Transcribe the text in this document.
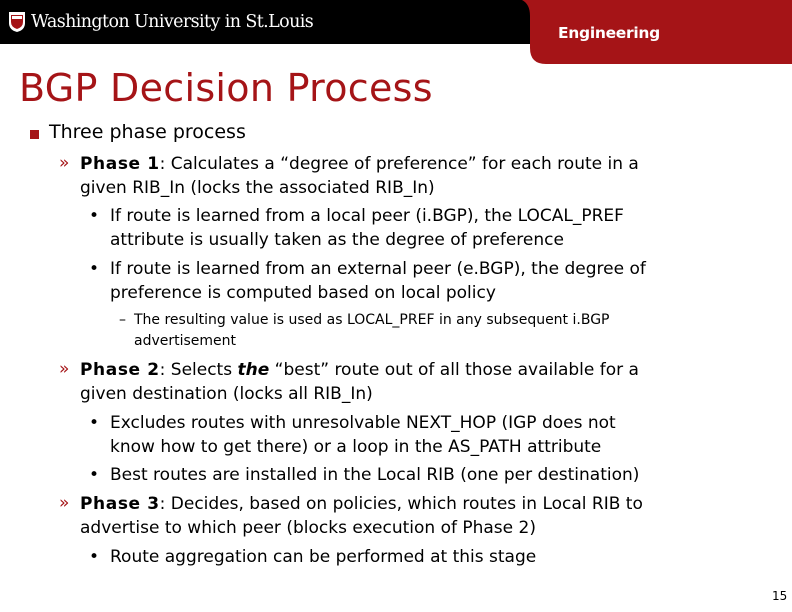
Washington University in St.Louis
Engineering
BGP Decision Process
Three phase process
» Phase 1: Calculates a “degree of preference” for each route in a
given RIB_In (locks the associated RIB_In)
• If route is learned from a local peer (i.BGP), the LOCAL_PREF
attribute is usually taken as the degree of preference
• If route is learned from an external peer (e.BGP), the degree of
preference is computed based on local policy
– The resulting value is used as LOCAL_PREF in any subsequent i.BGP
advertisement
» Phase 2: Selects the “best” route out of all those available for a
given destination (locks all RIB_In)
• Excludes routes with unresolvable NEXT_HOP (IGP does not
know how to get there) or a loop in the AS_PATH attribute
• Best routes are installed in the Local RIB (one per destination)
» Phase 3: Decides, based on policies, which routes in Local RIB to
advertise to which peer (blocks execution of Phase 2)
• Route aggregation can be performed at this stage
15
